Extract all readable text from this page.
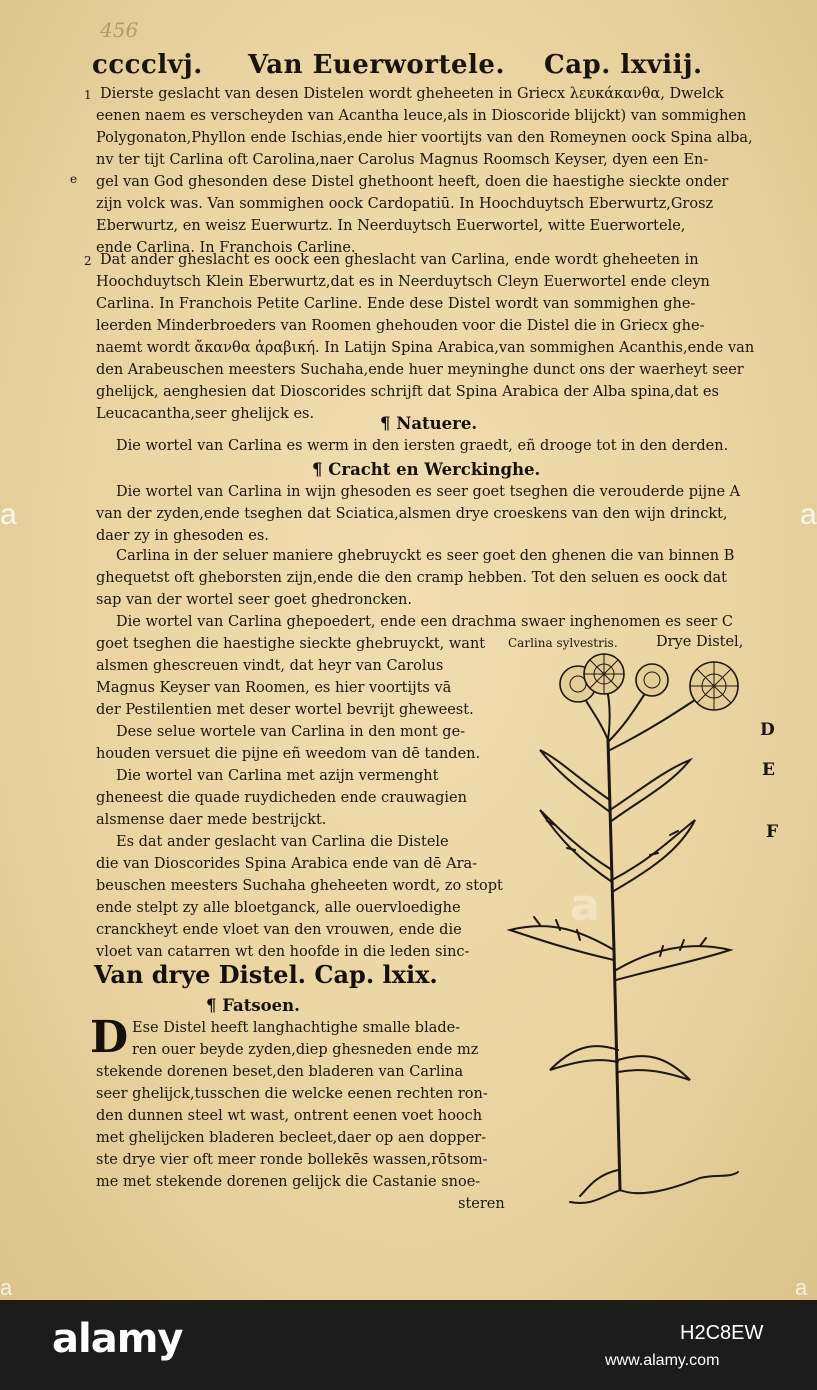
456
cccclvj. Van Euerwortele. Cap. lxviij.
1
e
2
Dierste geslacht van desen Distelen wordt gheheeten in Griecx λευκάκανθα, Dwelck
eenen naem es verscheyden van Acantha leuce,als in Dioscoride blijckt) van sommighen
Polygonaton,Phyllon ende Ischias,ende hier voortijts van den Romeynen oock Spina alba,
nv ter tijt Carlina oft Carolina,naer Carolus Magnus Roomsch Keyser, dyen een En-
gel van God ghesonden dese Distel ghethoont heeft, doen die haestighe sieckte onder
zijn volck was. Van sommighen oock Cardopatiū. In Hoochduytsch Eberwurtz,Grosz
Eberwurtz, en weisz Euerwurtz. In Neerduytsch Euerwortel, witte Euerwortele,
ende Carlina. In Franchois Carline.
Dat ander gheslacht es oock een gheslacht van Carlina, ende wordt gheheeten in
Hoochduytsch Klein Eberwurtz,dat es in Neerduytsch Cleyn Euerwortel ende cleyn
Carlina. In Franchois Petite Carline. Ende dese Distel wordt van sommighen ghe-
leerden Minderbroeders van Roomen ghehouden voor die Distel die in Griecx ghe-
naemt wordt ἄκανθα ἀραβική. In Latijn Spina Arabica,van sommighen Acanthis,ende van
den Arabeuschen meesters Suchaha,ende huer meyninghe dunct ons der waerheyt seer
ghelijck, aenghesien dat Dioscorides schrijft dat Spina Arabica der Alba spina,dat es
Leucacantha,seer ghelijck es.	¶ Natuere.
Die wortel van Carlina es werm in den iersten graedt, eñ drooge tot in den derden.
¶ Cracht en Werckinghe.
Die wortel van Carlina in wijn ghesoden es seer goet tseghen die verouderde pijne A
van der zyden,ende tseghen dat Sciatica,alsmen drye croeskens van den wijn drinckt,
daer zy in ghesoden es.
Carlina in der seluer maniere ghebruyckt es seer goet den ghenen die van binnen B
ghequetst oft gheborsten zijn,ende die den cramp hebben. Tot den seluen es oock dat
sap van der wortel seer goet ghedroncken.
Die wortel van Carlina ghepoedert, ende een drachma swaer inghenomen es seer C
goet tseghen die haestighe sieckte ghebruyckt, want Carlina sylvestris.	Drye Distel,
alsmen ghescreuen vindt, dat heyr van Carolus
Magnus Keyser van Roomen, es hier voortijts vā
der Pestilentien met deser wortel bevrijt gheweest.
Dese selue wortele van Carlina in den mont ge-
houden versuet die pijne eñ weedom van dē tanden.
Die wortel van Carlina met azijn vermenght
gheneest die quade ruydicheden ende crauwagien
alsmense daer mede bestrijckt.
Es dat ander geslacht van Carlina die Distele
die van Dioscorides Spina Arabica ende van dē Ara-
beuschen meesters Suchaha gheheeten wordt, zo stopt
ende stelpt zy alle bloetganck, alle ouervloedighe
cranckheyt ende vloet van den vrouwen, ende die
vloet van catarren wt den hoofde in die leden sinc-
Van drye Distel. Cap. lxix.
¶ Fatsoen.
D Ese Distel heeft langhachtighe smalle blade-
ren ouer beyde zyden,diep ghesneden ende mz
stekende dorenen beset,den bladeren van Carlina
seer ghelijck,tusschen die welcke eenen rechten ron-
den dunnen steel wt wast, ontrent eenen voet hooch
met ghelijcken bladeren becleet,daer op aen dopper-
ste drye vier oft meer ronde bollekēs wassen,rōtsom-
me met stekende dorenen gelijck die Castanie snoe-
steren
D
E
F
a	a
a	a
a
alamy	H2C8EW
www.alamy.com
